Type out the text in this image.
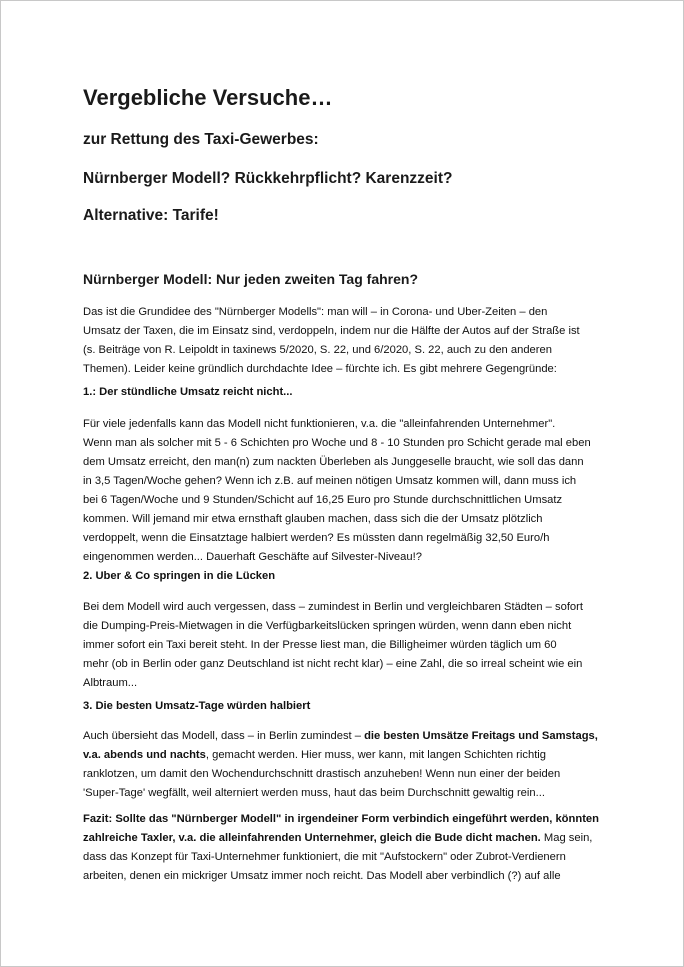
Vergebliche Versuche…
zur Rettung des Taxi-Gewerbes:
Nürnberger Modell? Rückkehrpflicht? Karenzzeit?
Alternative: Tarife!
Nürnberger Modell: Nur jeden zweiten Tag fahren?

Das ist die Grundidee des "Nürnberger Modells": man will – in Corona- und Uber-Zeiten – den
Umsatz der Taxen, die im Einsatz sind, verdoppeln, indem nur die Hälfte der Autos auf der Straße ist
(s. Beiträge von R. Leipoldt in taxinews 5/2020, S. 22, und 6/2020, S. 22, auch zu den anderen
Themen). Leider keine gründlich durchdachte Idee – fürchte ich. Es gibt mehrere Gegengründe:

1.: Der stündliche Umsatz reicht nicht...

Für viele jedenfalls kann das Modell nicht funktionieren, v.a. die "alleinfahrenden Unternehmer".
Wenn man als solcher mit 5 - 6 Schichten pro Woche und 8 - 10 Stunden pro Schicht gerade mal eben
dem Umsatz erreicht, den man(n) zum nackten Überleben als Junggeselle braucht, wie soll das dann
in 3,5 Tagen/Woche gehen? Wenn ich z.B. auf meinen nötigen Umsatz kommen will, dann muss ich
bei 6 Tagen/Woche und 9 Stunden/Schicht auf 16,25 Euro pro Stunde durchschnittlichen Umsatz
kommen. Will jemand mir etwa ernsthaft glauben machen, dass sich die der Umsatz plötzlich
verdoppelt, wenn die Einsatztage halbiert werden? Es müssten dann regelmäßig 32,50 Euro/h
eingenommen werden... Dauerhaft Geschäfte auf Silvester-Niveau!?

2. Uber & Co springen in die Lücken

Bei dem Modell wird auch vergessen, dass – zumindest in Berlin und vergleichbaren Städten – sofort
die Dumping-Preis-Mietwagen in die Verfügbarkeitslücken springen würden, wenn dann eben nicht
immer sofort ein Taxi bereit steht. In der Presse liest man, die Billigheimer würden täglich um 60
mehr (ob in Berlin oder ganz Deutschland ist nicht recht klar) – eine Zahl, die so irreal scheint wie ein
Albtraum...

3. Die besten Umsatz-Tage würden halbiert

Auch übersieht das Modell, dass – in Berlin zumindest – die besten Umsätze Freitags und Samstags,
v.a. abends und nachts, gemacht werden. Hier muss, wer kann, mit langen Schichten richtig
ranklotzen, um damit den Wochendurchschnitt drastisch anzuheben! Wenn nun einer der beiden
'Super-Tage' wegfällt, weil alterniert werden muss, haut das beim Durchschnitt gewaltig rein...

Fazit: Sollte das "Nürnberger Modell" in irgendeiner Form verbindich eingeführt werden, könnten
zahlreiche Taxler, v.a. die alleinfahrenden Unternehmer, gleich die Bude dicht machen. Mag sein,
dass das Konzept für Taxi-Unternehmer funktioniert, die mit "Aufstockern" oder Zubrot-Verdienern
arbeiten, denen ein mickriger Umsatz immer noch reicht. Das Modell aber verbindlich (?) auf alle
